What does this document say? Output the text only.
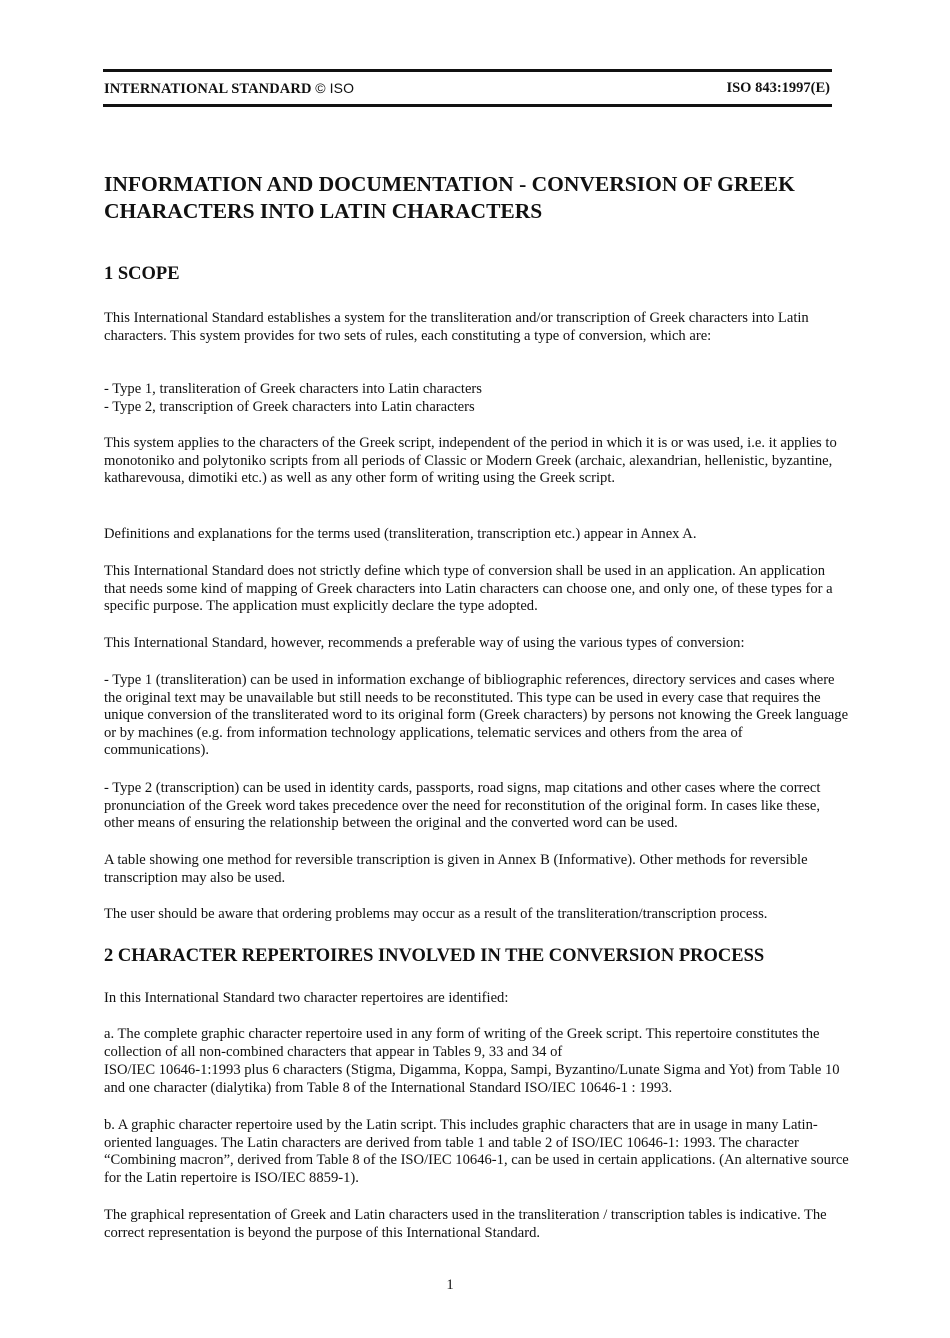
INTERNATIONAL STANDARD © ISO	ISO 843:1997(E)
INFORMATION AND DOCUMENTATION - CONVERSION OF GREEK CHARACTERS INTO LATIN CHARACTERS
1 SCOPE

This International Standard establishes a system for the transliteration and/or transcription of Greek characters into Latin characters. This system provides for two sets of rules, each constituting a type of conversion, which are:

- Type 1, transliteration of Greek characters into Latin characters

- Type 2, transcription of Greek characters into Latin characters

This system applies to the characters of the Greek script, independent of the period in which it is or was used, i.e. it applies to monotoniko and polytoniko scripts from all periods of Classic or Modern Greek (archaic, alexandrian, hellenistic, byzantine, katharevousa, dimotiki etc.) as well as any other form of writing using the Greek script.

Definitions and explanations for the terms used (transliteration, transcription etc.) appear in Annex A.

This International Standard does not strictly define which type of conversion shall be used in an application. An application that needs some kind of mapping of Greek characters into Latin characters can choose one, and only one, of these types for a specific purpose. The application must explicitly declare the type adopted.

This International Standard, however, recommends a preferable way of using the various types of conversion:

- Type 1 (transliteration) can be used in information exchange of bibliographic references, directory services and cases where the original text may be unavailable but still needs to be reconstituted. This type can be used in every case that requires the unique conversion of the transliterated word to its original form (Greek characters) by persons not knowing the Greek language or by machines (e.g. from information technology applications, telematic services and others from the area of communications).

- Type 2 (transcription) can be used in identity cards, passports, road signs, map citations and other cases where the correct pronunciation of the Greek word takes precedence over the need for reconstitution of the original form. In cases like these, other means of ensuring the relationship between the original and the converted word can be used.

A table showing one method for reversible transcription is given in Annex B (Informative). Other methods for reversible transcription may also be used.

The user should be aware that ordering problems may occur as a result of the transliteration/transcription process.

2 CHARACTER REPERTOIRES INVOLVED IN THE CONVERSION PROCESS

In this International Standard two character repertoires are identified:

a. The complete graphic character repertoire used in any form of writing of the Greek script. This repertoire constitutes the collection of all non-combined characters that appear in Tables 9, 33 and 34 of

ISO/IEC 10646-1:1993 plus 6 characters (Stigma, Digamma, Koppa, Sampi, Byzantino/Lunate Sigma and Yot) from Table 10 and one character (dialytika) from Table 8 of the International Standard ISO/IEC 10646-1 : 1993.

b. A graphic character repertoire used by the Latin script. This includes graphic characters that are in usage in many Latin-oriented languages. The Latin characters are derived from table 1 and table 2 of ISO/IEC 10646-1: 1993. The character “Combining macron”, derived from Table 8 of the ISO/IEC 10646-1, can be used in certain applications. (An alternative source for the Latin repertoire is ISO/IEC 8859-1).

The graphical representation of Greek and Latin characters used in the transliteration / transcription tables is indicative. The correct representation is beyond the purpose of this International Standard.

1
